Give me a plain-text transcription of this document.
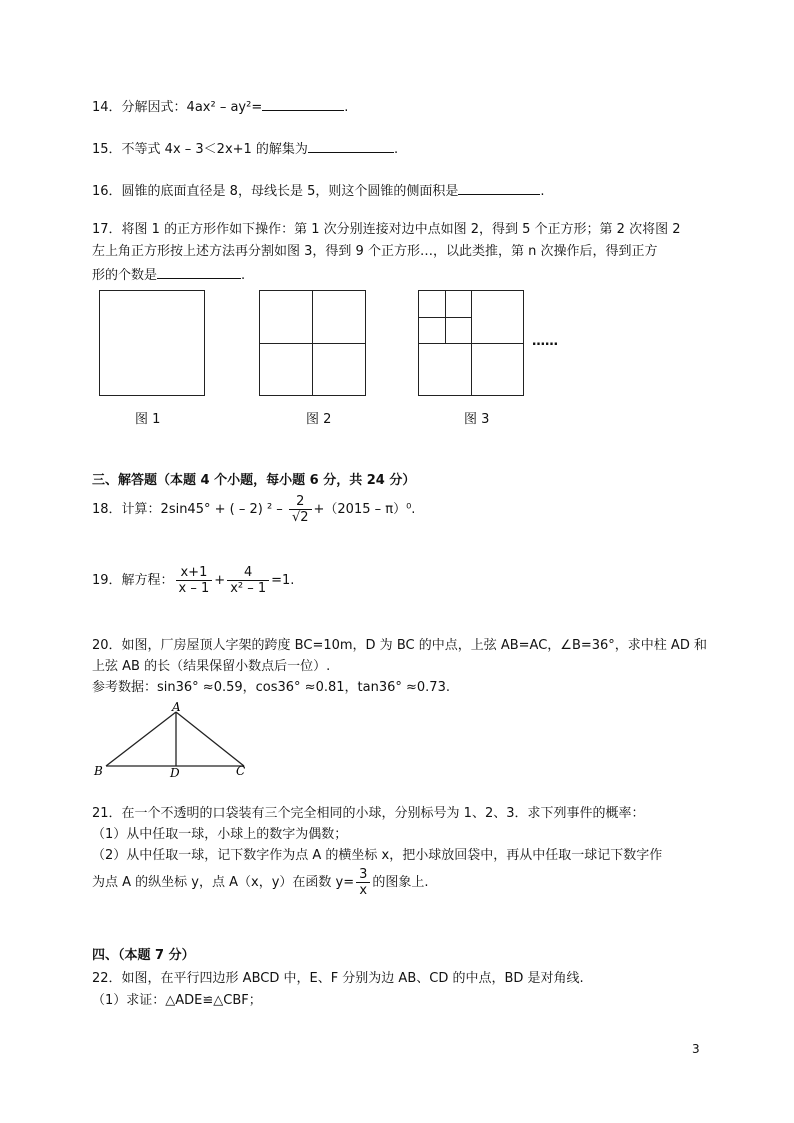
14．分解因式：4ax² – ay²=	.
15．不等式 4x – 3＜2x+1 的解集为	.
16．圆锥的底面直径是 8，母线长是 5，则这个圆锥的侧面积是	.
17．将图 1 的正方形作如下操作：第 1 次分别连接对边中点如图 2，得到 5 个正方形；第 2 次将图 2
左上角正方形按上述方法再分割如图 3，得到 9 个正方形…，以此类推，第 n 次操作后，得到正方
形的个数是	.
……
图 1	图 2	图 3
三、解答题（本题 4 个小题，每小题 6 分，共 24 分）
18．计算：2sin45° + ( – 2) $^2 - \frac{2}{√2} +(2015 - \pi)^0$.
19．解方程： $\frac{x+1}{x - 1} + \frac{4}{\text{x² – 1}} =1$.
20．如图，厂房屋顶人字架的跨度 BC=10m，D 为 BC 的中点，上弦 AB=AC，∠B=36°，求中柱 AD 和
上弦 AB 的长（结果保留小数点后一位）.
参考数据：sin36° ≈0.59，cos36° ≈0.81，tan36° ≈0.73.
A
B	D	C
21．在一个不透明的口袋装有三个完全相同的小球，分别标号为 1、2、3．求下列事件的概率：
（1）从中任取一球，小球上的数字为偶数；
（2）从中任取一球，记下数字作为点 A 的横坐标 x，把小球放回袋中，再从中任取一球记下数字作
为点 A 的纵坐标 y，点 A（x，y）在函数 $y= \frac{3}{x}$ 的图象上.
四、（本题 7 分）
22．如图，在平行四边形 ABCD 中，E、F 分别为边 AB、CD 的中点，BD 是对角线.
（1）求证：△ADE≌△CBF；
3
